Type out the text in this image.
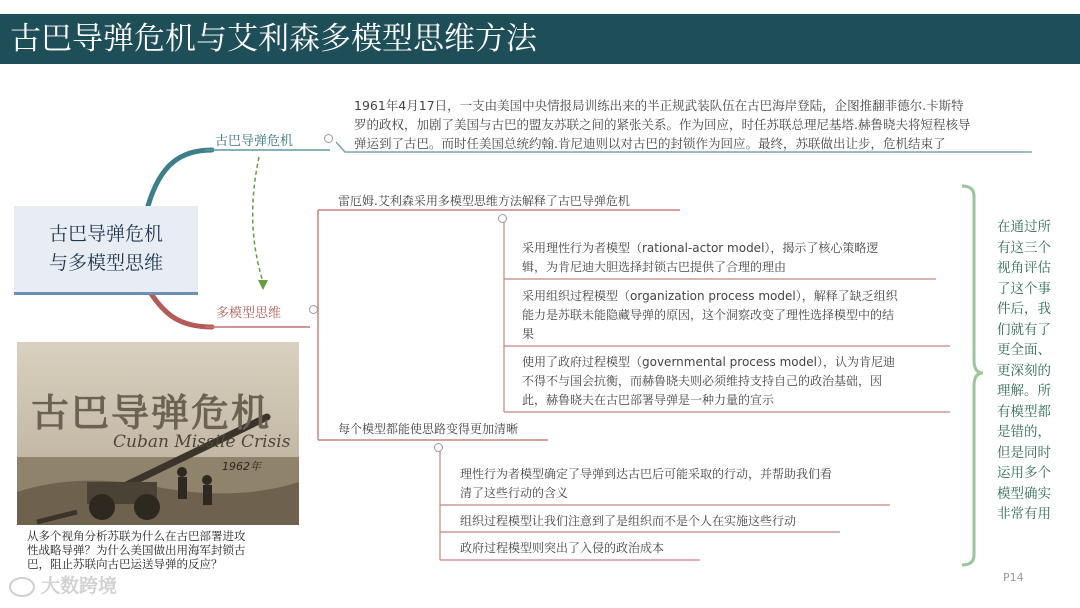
古巴导弹危机与艾利森多模型思维方法
古巴导弹危机
与多模型思维
古巴导弹危机
1961年4月17日，一支由美国中央情报局训练出来的半正规武装队伍在古巴海岸登陆，企图推翻菲德尔.卡斯特
罗的政权，加剧了美国与古巴的盟友苏联之间的紧张关系。作为回应，时任苏联总理尼基塔.赫鲁晓夫将短程核导
弹运到了古巴。而时任美国总统约翰.肯尼迪则以对古巴的封锁作为回应。最终，苏联做出让步，危机结束了
多模型思维
雷厄姆.艾利森采用多模型思维方法解释了古巴导弹危机
采用理性行为者模型（rational-actor model），揭示了核心策略逻
辑，为肯尼迪大胆选择封锁古巴提供了合理的理由
采用组织过程模型（organization process model），解释了缺乏组织
能力是苏联未能隐藏导弹的原因，这个洞察改变了理性选择模型中的结
果
使用了政府过程模型（governmental process model），认为肯尼迪
不得不与国会抗衡，而赫鲁晓夫则必须维持支持自己的政治基础，因
此，赫鲁晓夫在古巴部署导弹是一种力量的宣示
每个模型都能使思路变得更加清晰
理性行为者模型确定了导弹到达古巴后可能采取的行动，并帮助我们看
清了这些行动的含义
组织过程模型让我们注意到了是组织而不是个人在实施这些行动
政府过程模型则突出了入侵的政治成本
在通过所
有这三个
视角评估
了这个事
件后，我
们就有了
更全面、
更深刻的
理解。所
有模型都
是错的，
但是同时
运用多个
模型确实
非常有用
古巴导弹危机
Cuban Missile Crisis
1962年
从多个视角分析苏联为什么在古巴部署进攻
性战略导弹？为什么美国做出用海军封锁古
巴，阻止苏联向古巴运送导弹的反应？
P14
大数跨境
